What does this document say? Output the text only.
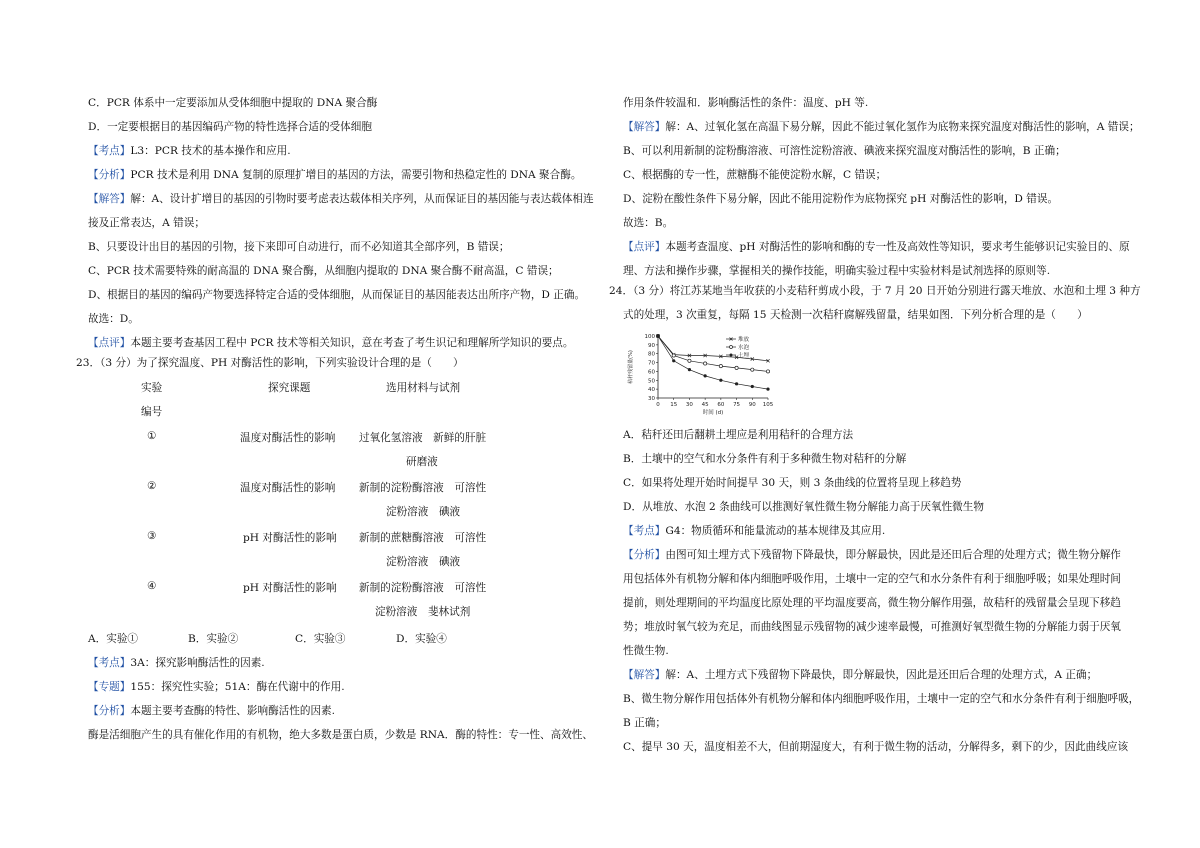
C．PCR 体系中一定要添加从受体细胞中提取的 DNA 聚合酶
D．一定要根据目的基因编码产物的特性选择合适的受体细胞
【考点】L3：PCR 技术的基本操作和应用.
【分析】PCR 技术是利用 DNA 复制的原理扩增目的基因的方法，需要引物和热稳定性的 DNA 聚合酶。
【解答】解：A、设计扩增目的基因的引物时要考虑表达载体相关序列，从而保证目的基因能与表达载体相连
接及正常表达，A 错误；
B、只要设计出目的基因的引物，接下来即可自动进行，而不必知道其全部序列，B 错误；
C、PCR 技术需要特殊的耐高温的 DNA 聚合酶，从细胞内提取的 DNA 聚合酶不耐高温，C 错误；
D、根据目的基因的编码产物要选择特定合适的受体细胞，从而保证目的基因能表达出所序产物，D 正确。
故选：D。
【点评】本题主要考查基因工程中 PCR 技术等相关知识，意在考查了考生识记和理解所学知识的要点。
23．（3 分）为了探究温度、PH 对酶活性的影响，下列实验设计合理的是（　　）
实验
编号
探究课题	选用材料与试剂
①	温度对酶活性的影响 过氧化氢溶液　新鲜的肝脏
研磨液
②	温度对酶活性的影响 新制的淀粉酶溶液　可溶性
淀粉溶液　碘液
③	pH 对酶活性的影响 新制的蔗糖酶溶液　可溶性
淀粉溶液　碘液
④	pH 对酶活性的影响 新制的淀粉酶溶液　可溶性
淀粉溶液　斐林试剂
A．实验①	B．实验②	C．实验③	D．实验④
【考点】3A：探究影响酶活性的因素.
【专题】155：探究性实验；51A：酶在代谢中的作用.
【分析】本题主要考查酶的特性、影响酶活性的因素.
酶是活细胞产生的具有催化作用的有机物，绝大多数是蛋白质，少数是 RNA．酶的特性：专一性、高效性、
作用条件较温和．影响酶活性的条件：温度、pH 等.
【解答】解：A、过氧化氢在高温下易分解，因此不能过氧化氢作为底物来探究温度对酶活性的影响，A 错误；
B、可以利用新制的淀粉酶溶液、可溶性淀粉溶液、碘液来探究温度对酶活性的影响，B 正确；
C、根据酶的专一性，蔗糖酶不能使淀粉水解，C 错误；
D、淀粉在酸性条件下易分解，因此不能用淀粉作为底物探究 pH 对酶活性的影响，D 错误。
故选：B。
【点评】本题考查温度、pH 对酶活性的影响和酶的专一性及高效性等知识，要求考生能够识记实验目的、原
理、方法和操作步骤，掌握相关的操作技能，明确实验过程中实验材料是试剂选择的原则等.
24．（3 分）将江苏某地当年收获的小麦秸秆剪成小段，于 7 月 20 日开始分别进行露天堆放、水泡和土埋 3 种方
式的处理，3 次重复，每隔 15 天检测一次秸秆腐解残留量，结果如图．下列分析合理的是（　　）
30
40
50
60
70
80
90
100
0 15 30 45 60 75 90 105
时间 (d)
秸秆残留量(%)
堆放
水泡
土埋
A．秸秆还田后翻耕土埋应是利用秸秆的合理方法
B．土壤中的空气和水分条件有利于多种微生物对秸秆的分解
C．如果将处理开始时间提早 30 天，则 3 条曲线的位置将呈现上移趋势
D．从堆放、水泡 2 条曲线可以推测好氧性微生物分解能力高于厌氧性微生物
【考点】G4：物质循环和能量流动的基本规律及其应用.
【分析】由图可知土埋方式下残留物下降最快，即分解最快，因此是还田后合理的处理方式；微生物分解作
用包括体外有机物分解和体内细胞呼吸作用，土壤中一定的空气和水分条件有利于细胞呼吸；如果处理时间
提前，则处理期间的平均温度比原处理的平均温度要高，微生物分解作用强，故秸秆的残留量会呈现下移趋
势；堆放时氧气较为充足，而曲线图显示残留物的减少速率最慢，可推测好氧型微生物的分解能力弱于厌氧
性微生物.
【解答】解：A、土埋方式下残留物下降最快，即分解最快，因此是还田后合理的处理方式，A 正确；
B、微生物分解作用包括体外有机物分解和体内细胞呼吸作用，土壤中一定的空气和水分条件有利于细胞呼吸，
B 正确；
C、提早 30 天，温度相差不大，但前期湿度大，有利于微生物的活动，分解得多，剩下的少，因此曲线应该
